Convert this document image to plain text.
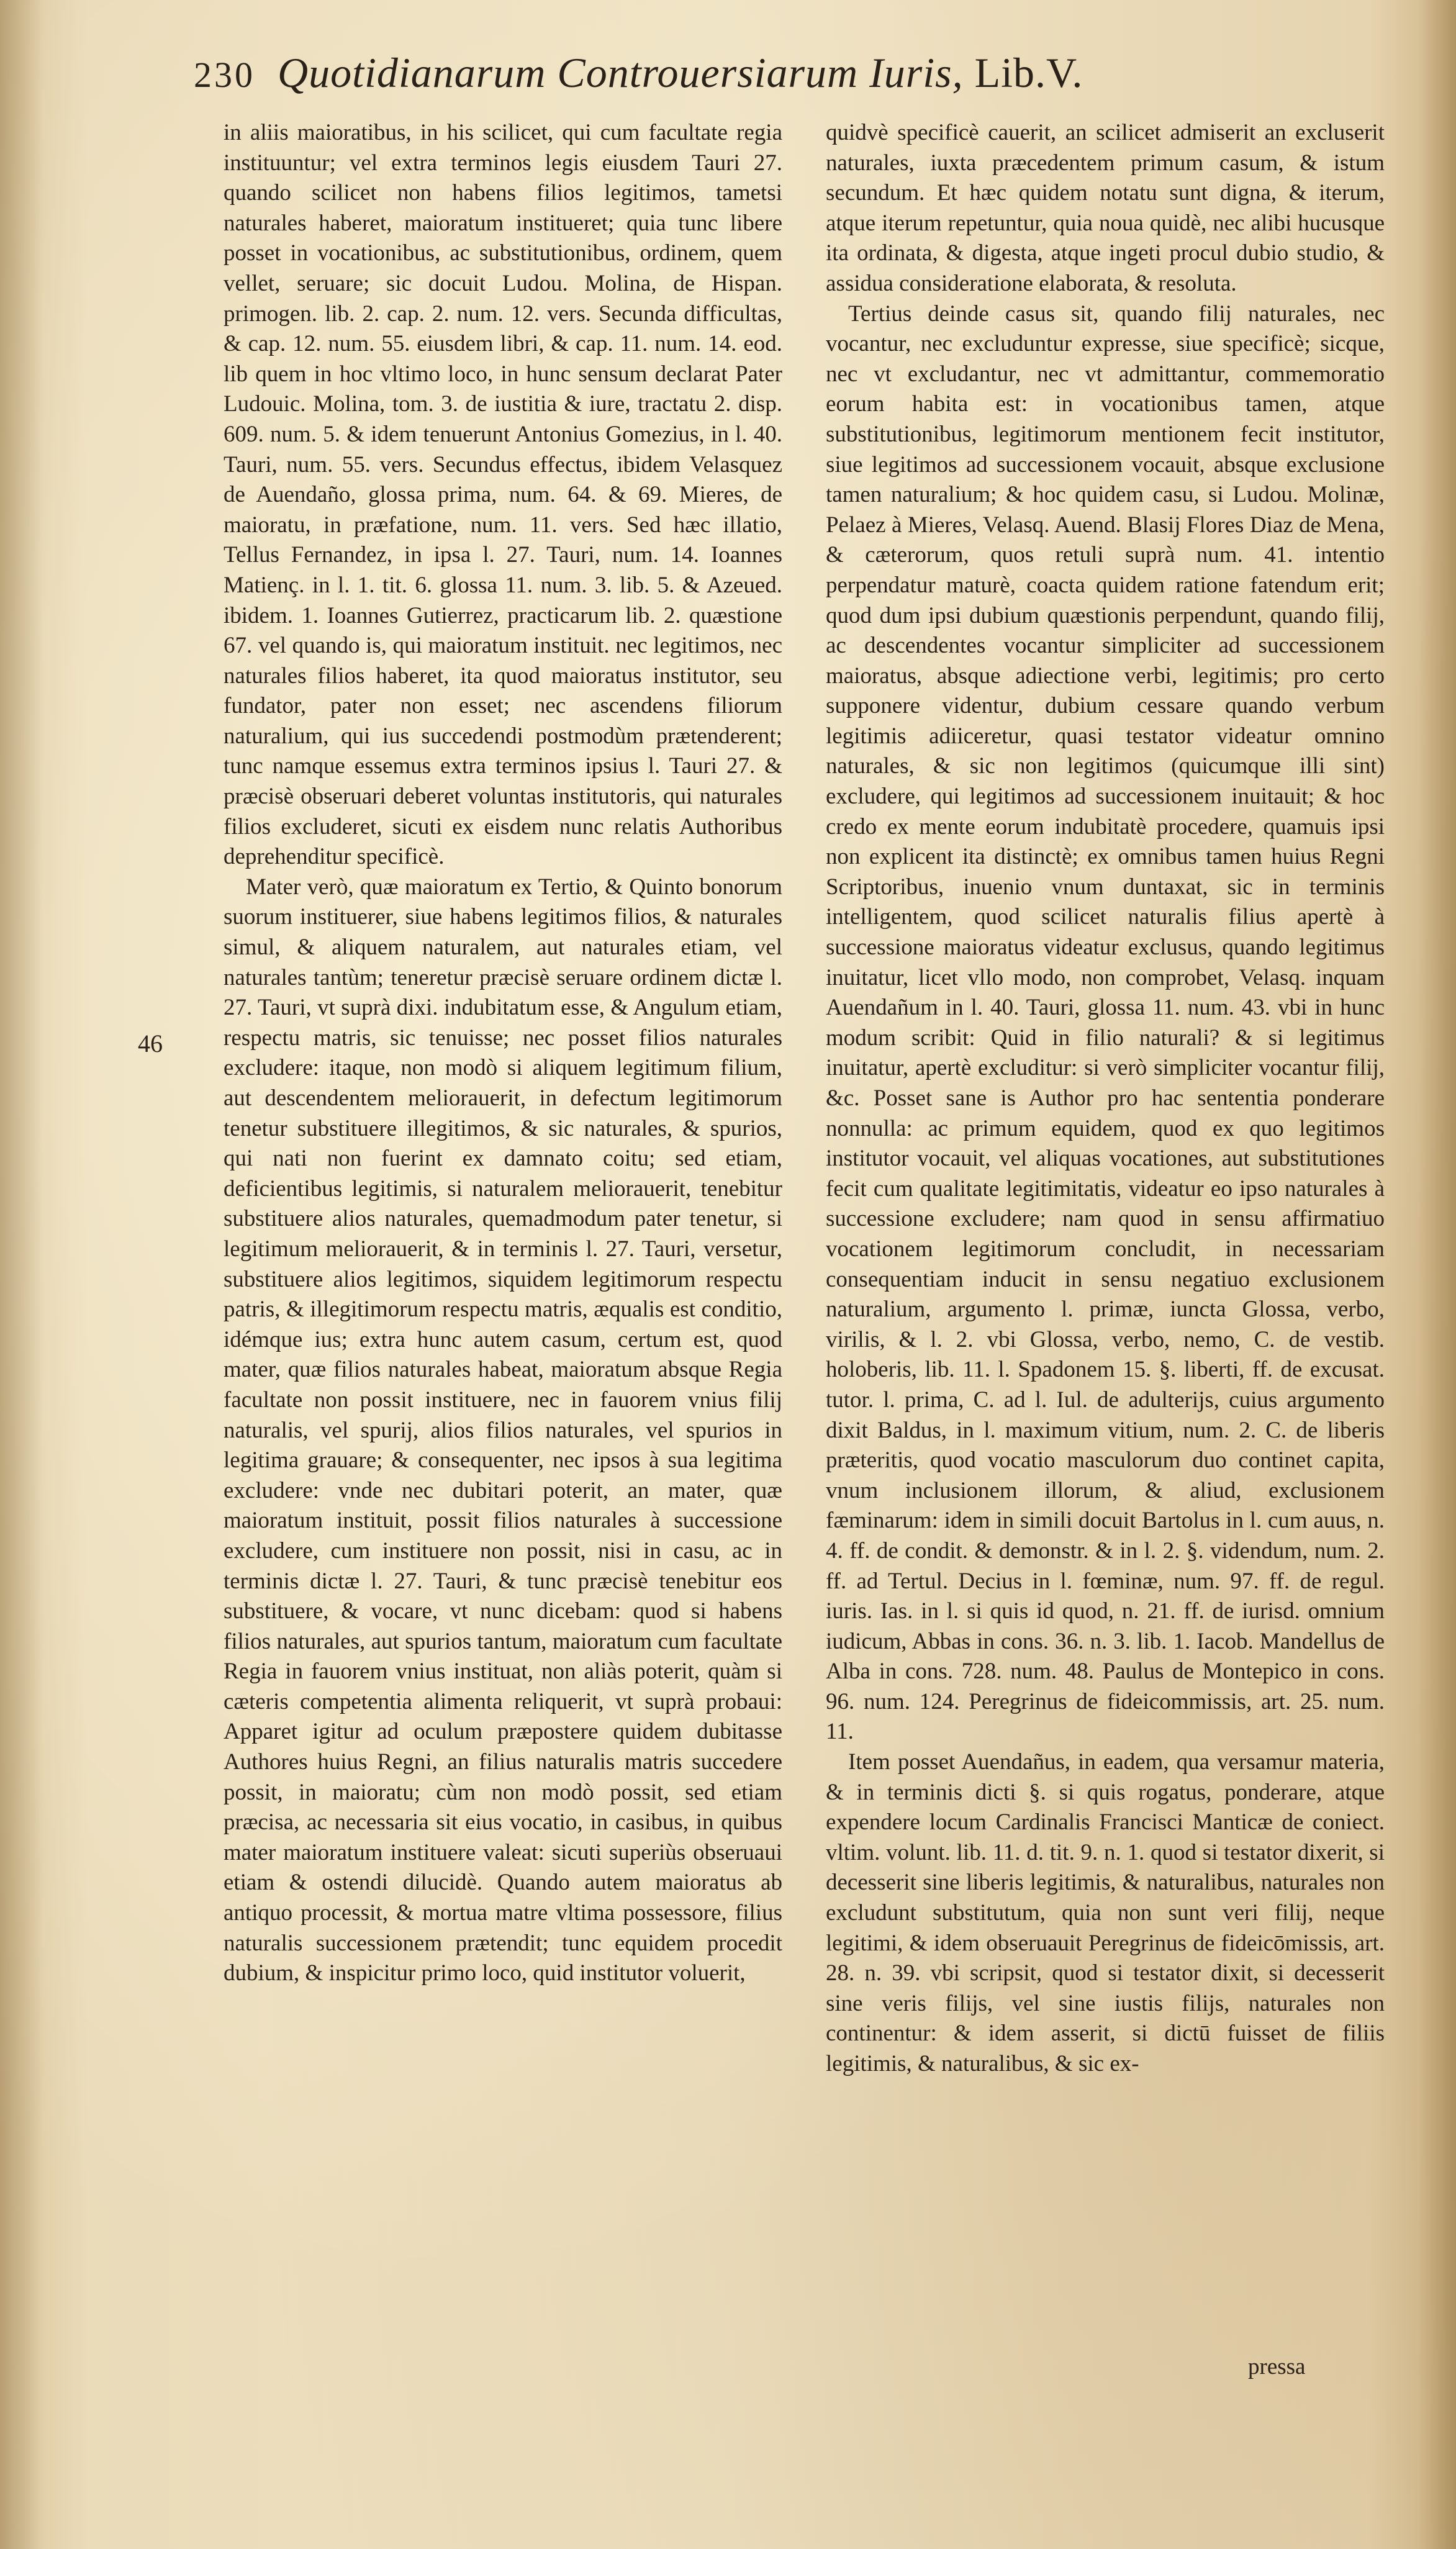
230 Quotidianarum Controuersiarum Iuris, Lib.V.
46

in aliis maioratibus, in his scilicet, qui cum facultate regia instituuntur; vel extra terminos legis eiusdem Tauri 27. quando scilicet non habens filios legitimos, tametsi naturales haberet, maioratum institueret; quia tunc libere posset in vocationibus, ac substitutionibus, ordinem, quem vellet, seruare; sic docuit Ludou. Molina, de Hispan. primogen. lib. 2. cap. 2. num. 12. vers. Secunda difficultas, & cap. 12. num. 55. eiusdem libri, & cap. 11. num. 14. eod. lib quem in hoc vltimo loco, in hunc sensum declarat Pater Ludouic. Molina, tom. 3. de iustitia & iure, tractatu 2. disp. 609. num. 5. & idem tenuerunt Antonius Gomezius, in l. 40. Tauri, num. 55. vers. Secundus effectus, ibidem Velasquez de Auendaño, glossa prima, num. 64. & 69. Mieres, de maioratu, in præfatione, num. 11. vers. Sed hæc illatio, Tellus Fernandez, in ipsa l. 27. Tauri, num. 14. Ioannes Matienç. in l. 1. tit. 6. glossa 11. num. 3. lib. 5. & Azeued. ibidem. 1. Ioannes Gutierrez, practicarum lib. 2. quæstione 67. vel quando is, qui maioratum instituit. nec legitimos, nec naturales filios haberet, ita quod maioratus institutor, seu fundator, pater non esset; nec ascendens filiorum naturalium, qui ius succedendi postmodùm prætenderent; tunc namque essemus extra terminos ipsius l. Tauri 27. & præcisè obseruari deberet voluntas institutoris, qui naturales filios excluderet, sicuti ex eisdem nunc relatis Authoribus deprehenditur specificè.

Mater verò, quæ maioratum ex Tertio, & Quinto bonorum suorum instituerer, siue habens legitimos filios, & naturales simul, & aliquem naturalem, aut naturales etiam, vel naturales tantùm; teneretur præcisè seruare ordinem dictæ l. 27. Tauri, vt suprà dixi. indubitatum esse, & Angulum etiam, respectu matris, sic tenuisse; nec posset filios naturales excludere: itaque, non modò si aliquem legitimum filium, aut descendentem meliorauerit, in defectum legitimorum tenetur substituere illegitimos, & sic naturales, & spurios, qui nati non fuerint ex damnato coitu; sed etiam, deficientibus legitimis, si naturalem meliorauerit, tenebitur substituere alios naturales, quemadmodum pater tenetur, si legitimum meliorauerit, & in terminis l. 27. Tauri, versetur, substituere alios legitimos, siquidem legitimorum respectu patris, & illegitimorum respectu matris, æqualis est conditio, idémque ius; extra hunc autem casum, certum est, quod mater, quæ filios naturales habeat, maioratum absque Regia facultate non possit instituere, nec in fauorem vnius filij naturalis, vel spurij, alios filios naturales, vel spurios in legitima grauare; & consequenter, nec ipsos à sua legitima excludere: vnde nec dubitari poterit, an mater, quæ maioratum instituit, possit filios naturales à successione excludere, cum instituere non possit, nisi in casu, ac in terminis dictæ l. 27. Tauri, & tunc præcisè tenebitur eos substituere, & vocare, vt nunc dicebam: quod si habens filios naturales, aut spurios tantum, maioratum cum facultate Regia in fauorem vnius instituat, non aliàs poterit, quàm si cæteris competentia alimenta reliquerit, vt suprà probaui: Apparet igitur ad oculum præpostere quidem dubitasse Authores huius Regni, an filius naturalis matris succedere possit, in maioratu; cùm non modò possit, sed etiam præcisa, ac necessaria sit eius vocatio, in casibus, in quibus mater maioratum instituere valeat: sicuti superiùs obseruaui etiam & ostendi dilucidè. Quando autem maioratus ab antiquo processit, & mortua matre vltima possessore, filius naturalis successionem prætendit; tunc equidem procedit dubium, & inspicitur primo loco, quid institutor voluerit,

quidvè specificè cauerit, an scilicet admiserit an excluserit naturales, iuxta præcedentem primum casum, & istum secundum. Et hæc quidem notatu sunt digna, & iterum, atque iterum repetuntur, quia noua quidè, nec alibi hucusque ita ordinata, & digesta, atque ingeti procul dubio studio, & assidua consideratione elaborata, & resoluta.

Tertius deinde casus sit, quando filij naturales, nec vocantur, nec excluduntur expresse, siue specificè; sicque, nec vt excludantur, nec vt admittantur, commemoratio eorum habita est: in vocationibus tamen, atque substitutionibus, legitimorum mentionem fecit institutor, siue legitimos ad successionem vocauit, absque exclusione tamen naturalium; & hoc quidem casu, si Ludou. Molinæ, Pelaez à Mieres, Velasq. Auend. Blasij Flores Diaz de Mena, & cæterorum, quos retuli suprà num. 41. intentio perpendatur maturè, coacta quidem ratione fatendum erit; quod dum ipsi dubium quæstionis perpendunt, quando filij, ac descendentes vocantur simpliciter ad successionem maioratus, absque adiectione verbi, legitimis; pro certo supponere videntur, dubium cessare quando verbum legitimis adiiceretur, quasi testator videatur omnino naturales, & sic non legitimos (quicumque illi sint) excludere, qui legitimos ad successionem inuitauit; & hoc credo ex mente eorum indubitatè procedere, quamuis ipsi non explicent ita distinctè; ex omnibus tamen huius Regni Scriptoribus, inuenio vnum duntaxat, sic in terminis intelligentem, quod scilicet naturalis filius apertè à successione maioratus videatur exclusus, quando legitimus inuitatur, licet vllo modo, non comprobet, Velasq. inquam Auendañum in l. 40. Tauri, glossa 11. num. 43. vbi in hunc modum scribit: Quid in filio naturali? & si legitimus inuitatur, apertè excluditur: si verò simpliciter vocantur filij, &c. Posset sane is Author pro hac sententia ponderare nonnulla: ac primum equidem, quod ex quo legitimos institutor vocauit, vel aliquas vocationes, aut substitutiones fecit cum qualitate legitimitatis, videatur eo ipso naturales à successione excludere; nam quod in sensu affirmatiuo vocationem legitimorum concludit, in necessariam consequentiam inducit in sensu negatiuo exclusionem naturalium, argumento l. primæ, iuncta Glossa, verbo, virilis, & l. 2. vbi Glossa, verbo, nemo, C. de vestib. holoberis, lib. 11. l. Spadonem 15. §. liberti, ff. de excusat. tutor. l. prima, C. ad l. Iul. de adulterijs, cuius argumento dixit Baldus, in l. maximum vitium, num. 2. C. de liberis præteritis, quod vocatio masculorum duo continet capita, vnum inclusionem illorum, & aliud, exclusionem fæminarum: idem in simili docuit Bartolus in l. cum auus, n. 4. ff. de condit. & demonstr. & in l. 2. §. videndum, num. 2. ff. ad Tertul. Decius in l. fœminæ, num. 97. ff. de regul. iuris. Ias. in l. si quis id quod, n. 21. ff. de iurisd. omnium iudicum, Abbas in cons. 36. n. 3. lib. 1. Iacob. Mandellus de Alba in cons. 728. num. 48. Paulus de Montepico in cons. 96. num. 124. Peregrinus de fideicommissis, art. 25. num. 11.

Item posset Auendañus, in eadem, qua versamur materia, & in terminis dicti §. si quis rogatus, ponderare, atque expendere locum Cardinalis Francisci Manticæ de coniect. vltim. volunt. lib. 11. d. tit. 9. n. 1. quod si testator dixerit, si decesserit sine liberis legitimis, & naturalibus, naturales non excludunt substitutum, quia non sunt veri filij, neque legitimi, & idem obseruauit Peregrinus de fideicōmissis, art. 28. n. 39. vbi scripsit, quod si testator dixit, si decesserit sine veris filijs, vel sine iustis filijs, naturales non continentur: & idem asserit, si dictū fuisset de filiis legitimis, & naturalibus, & sic ex-

pressa
